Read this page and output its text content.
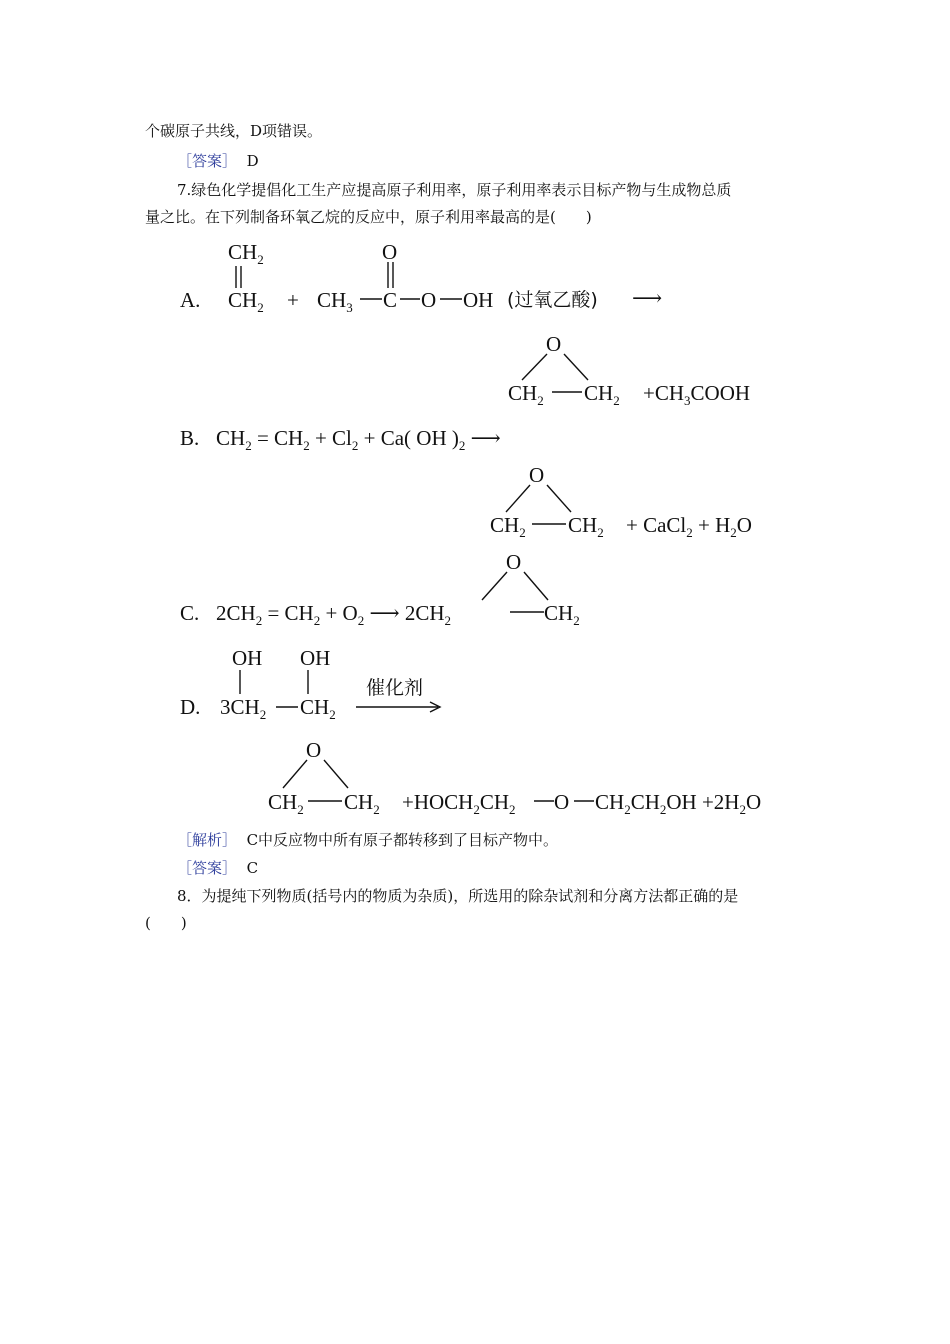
个碳原子共线，D项错误。
［答案］ D
7.绿色化学提倡化工生产应提高原子利用率，原子利用率表示目标产物与生成物总质
量之比。在下列制备环氧乙烷的反应中，原子利用率最高的是(　　)
$CH_2$
A. $CH_2 + CH_3$
O
C O OH (过氧乙酸) ⟶
O
$CH_2$ $CH_2$ $+CH_3COOH$
B. $CH_2 = CH_2 + Cl_2 + Ca$( OH )$_2$ ⟶
O
$CH_2$ $CH_2$ + CaCl$_2$ + $H_2O$
O
C. $2CH_2 = CH_2 + O_2$ ⟶ $2CH_2$	$CH_2$
OH OH
D. $3CH_2$ $CH_2$
催化剂
O
$CH_2$ $CH_2$ $+HOCH_2CH_2$ O $CH_2CH_2OH +2H_2O$
［解析］ C中反应物中所有原子都转移到了目标产物中。
［答案］ C
8．为提纯下列物质(括号内的物质为杂质)，所选用的除杂试剂和分离方法都正确的是
(　　)
